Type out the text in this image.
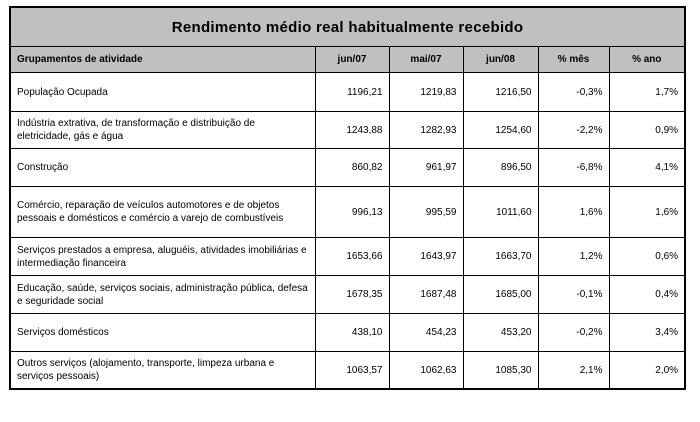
Rendimento médio real habitualmente recebido					
Grupamentos de atividade	jun/07	mai/07	jun/08	% mês	% ano
População Ocupada	1196,21	1219,83	1216,50	-0,3%	1,7%
Indústria extrativa, de transformação e distribuição de eletricidade, gás e água	1243,88	1282,93	1254,60	-2,2%	0,9%
Construção	860,82	961,97	896,50	-6,8%	4,1%
Comércio, reparação de veículos automotores e de objetos pessoais e domésticos e comércio a varejo de combustíveis	996,13	995,59	1011,60	1,6%	1,6%
Serviços prestados a empresa, aluguéis, atividades imobiliárias e intermediação financeira	1653,66	1643,97	1663,70	1,2%	0,6%
Educação, saúde, serviços sociais, administração pública, defesa e seguridade social	1678,35	1687,48	1685,00	-0,1%	0,4%
Serviços domésticos	438,10	454,23	453,20	-0,2%	3,4%
Outros serviços (alojamento, transporte, limpeza urbana e serviços pessoais)	1063,57	1062,63	1085,30	2,1%	2,0%
